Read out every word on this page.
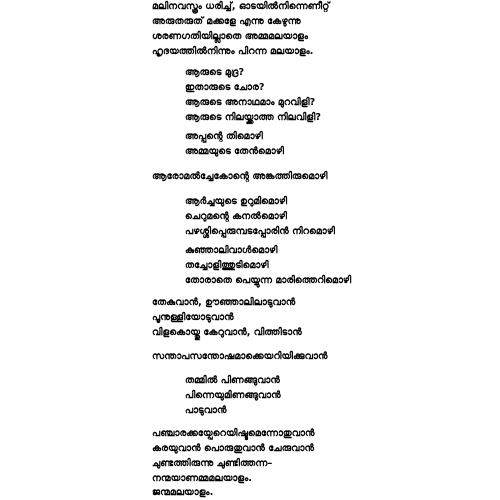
മലിനവസ്ത്രം ധരിച്ച്, ഓടയിൽനിന്നെണീറ്റ്
അരുതരുത് മക്കളേ എന്നു കേഴുന്നു
ശരണഗതിയില്ലാതെ അമ്മമലയാളം
ഹൃദയത്തിൽനിന്നും പിറന്ന മലയാളം.
ആരുടെ മുദ്ര?
ഇതാരുടെ ചോര?
ആരുടെ അനാഥമാം മുറവിളി?
ആരുടെ നിലയ്ക്കാത്ത നിലവിളി?
അപ്പന്റെ തിമൊഴി
അമ്മയുടെ തേൻമൊഴി
ആരോമൽച്ചേകോന്റെ അങ്കത്തിരുമൊഴി
ആർച്ചയുടെ ഉറുമിമൊഴി
ചെറുമന്റെ കനൽമൊഴി
പഴശ്ശിപ്പെരുമ്പടപ്പോരിൻ നിറമൊഴി
കുഞ്ഞാലിവാൾമൊഴി
തച്ചോളിത്തുടിമൊഴി
തോരാതെ പെയ്യുന്ന മാരിത്തെറിമൊഴി
തേകുവാൻ, ഊഞ്ഞാലിലാടുവാൻ
പൂനുള്ളിയോടുവാൻ
വിളകൊയ്തു കേറുവാൻ, വിത്തിടാൻ
സന്താപസന്തോഷമാക്കെയറിയിക്കുവാൻ
തമ്മിൽ പിണങ്ങുവാൻ
പിന്നെയുമിണങ്ങുവാൻ
പാടുവാൻ
പഞ്ചാരക്കയ്പേറെയിഷ്ടമെന്നോതുവാൻ
കരയുവാൻ പൊരുതുവാൻ ചേരുവാൻ
ചുണ്ടത്തിരുന്നു ചുണ്ടിത്തന്ന–
നന്മയാണമ്മമലയാളം.
ജന്മമലയാളം.
